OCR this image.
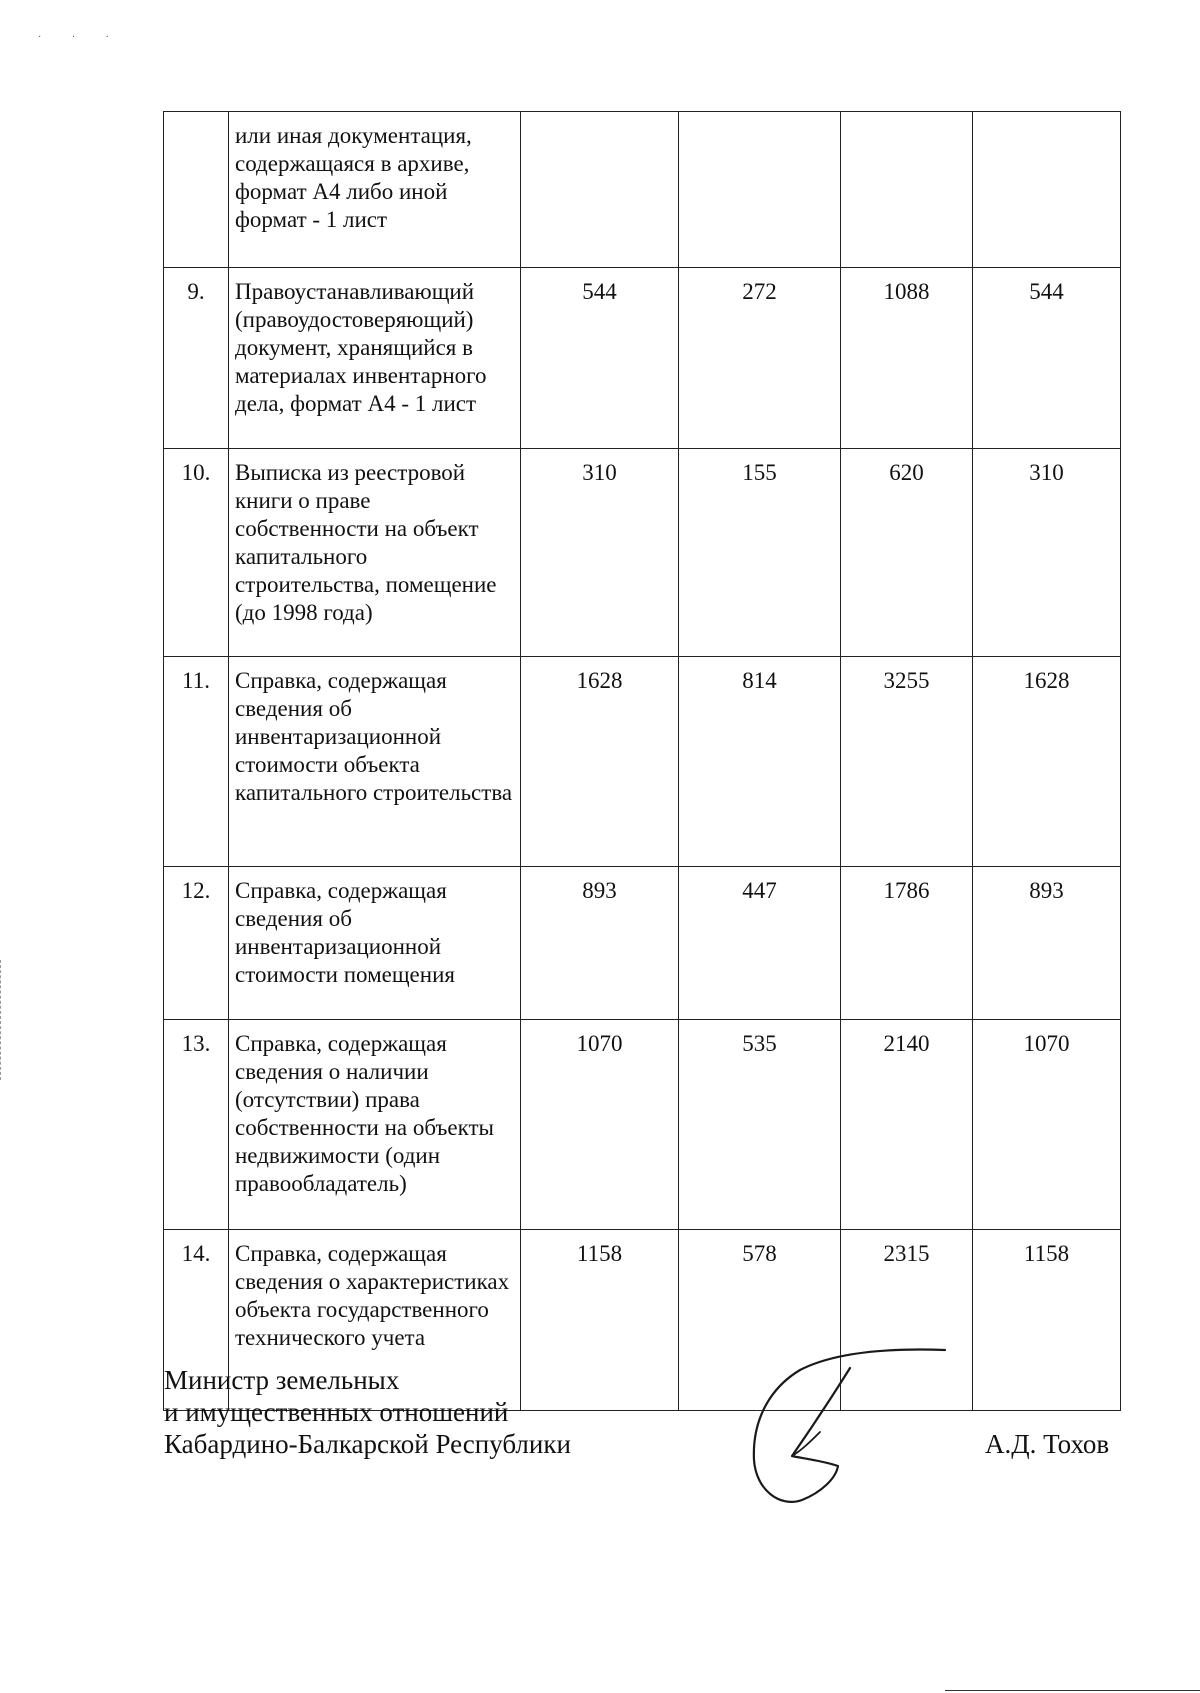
· · ·
	или иная документация, содержащаяся в архиве, формат А4 либо иной формат - 1 лист				
9.	Правоустанавливающий (правоудостоверяющий) документ, хранящийся в материалах инвентарного дела, формат А4 - 1 лист	544	272	1088	544
10.	Выписка из реестровой книги о праве собственности на объект капитального строительства, помещение (до 1998 года)	310	155	620	310
11.	Справка, содержащая сведения об инвентаризационной стоимости объекта капитального строительства	1628	814	3255	1628
12.	Справка, содержащая сведения об инвентаризационной стоимости помещения	893	447	1786	893
13.	Справка, содержащая сведения о наличии (отсутствии) права собственности на объекты недвижимости (один правообладатель)	1070	535	2140	1070
14.	Справка, содержащая сведения о характеристиках объекта государственного технического учета	1158	578	2315	1158
Министр земельных
и имущественных отношений
Кабардино-Балкарской Республики	А.Д. Тохов
